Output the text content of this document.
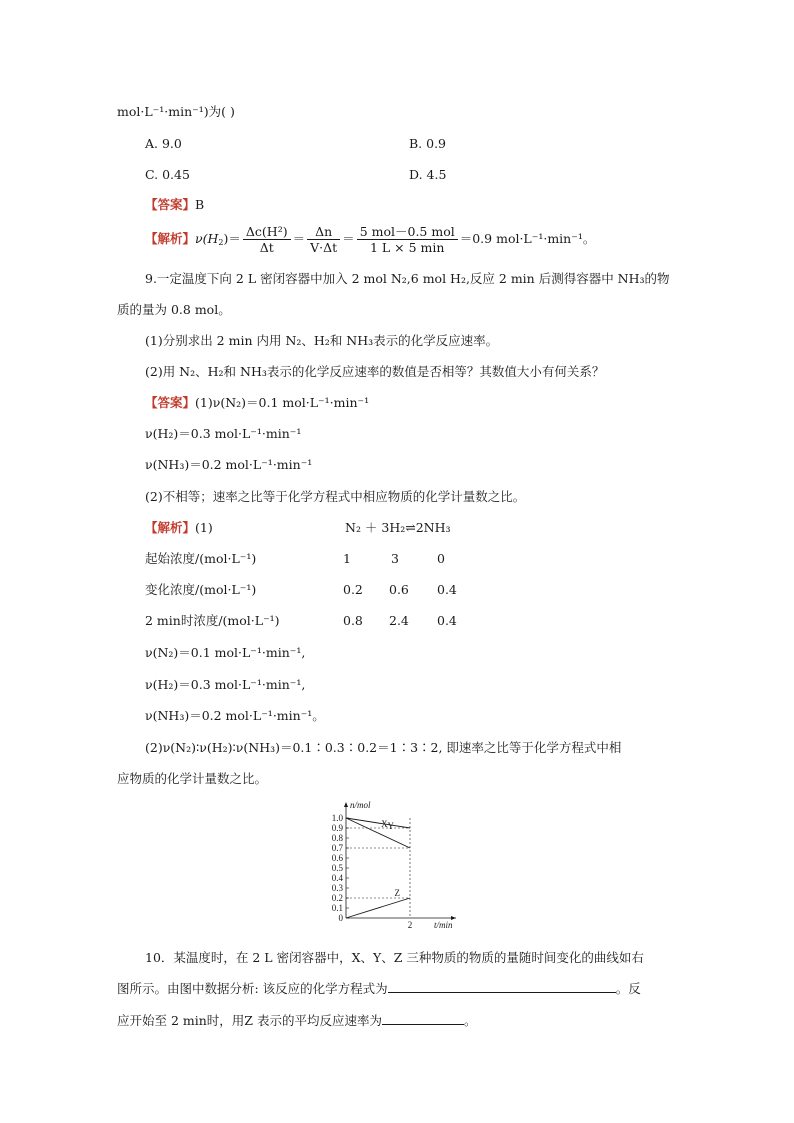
mol·L⁻¹·min⁻¹)为( )
A. 9.0	B. 0.9
C. 0.45	D. 4.5
【答案】B
【解析】$\nu(H_2)= \frac{\text{Δc(H²)}}{\Delta t} = \frac{\Delta n}{V\cdot\Delta t} = \frac{\text{5 mol－0.5 mol}}{1 L \times 5 \min} =0.9$ mol·L⁻¹·min⁻¹。
9.一定温度下向 2 L 密闭容器中加入 2 mol N₂,6 mol H₂,反应 2 min 后测得容器中 NH₃的物
质的量为 0.8 mol。
(1)分别求出 2 min 内用 N₂、H₂和 NH₃表示的化学反应速率。
(2)用 N₂、H₂和 NH₃表示的化学反应速率的数值是否相等？其数值大小有何关系？
【答案】(1)ν(N₂)＝0.1 mol·L⁻¹·min⁻¹
ν(H₂)＝0.3 mol·L⁻¹·min⁻¹
ν(NH₃)＝0.2 mol·L⁻¹·min⁻¹
(2)不相等；速率之比等于化学方程式中相应物质的化学计量数之比。
【解析】(1)	N₂ ＋ 3H₂⇌2NH₃
起始浓度/(mol·L⁻¹)	1	3	0
变化浓度/(mol·L⁻¹)	0.2 0.6 0.4
2 min时浓度/(mol·L⁻¹)	0.8 2.4 0.4
ν(N₂)＝0.1 mol·L⁻¹·min⁻¹,
ν(H₂)＝0.3 mol·L⁻¹·min⁻¹,
ν(NH₃)＝0.2 mol·L⁻¹·min⁻¹。
(2)ν(N₂)∶ν(H₂)∶ν(NH₃)＝0.1∶0.3∶0.2＝1∶3∶2, 即速率之比等于化学方程式中相
应物质的化学计量数之比。
n/mol
t/min
0
0.1
0.2
0.3
0.4
0.5
0.6
0.7
0.8
0.9
1.0
2
Y
X
Z
10．某温度时，在 2 L 密闭容器中，X、Y、Z 三种物质的物质的量随时间变化的曲线如右
图所示。由图中数据分析: 该反应的化学方程式为	。反
应开始至 2 min时，用Z 表示的平均反应速率为	。
